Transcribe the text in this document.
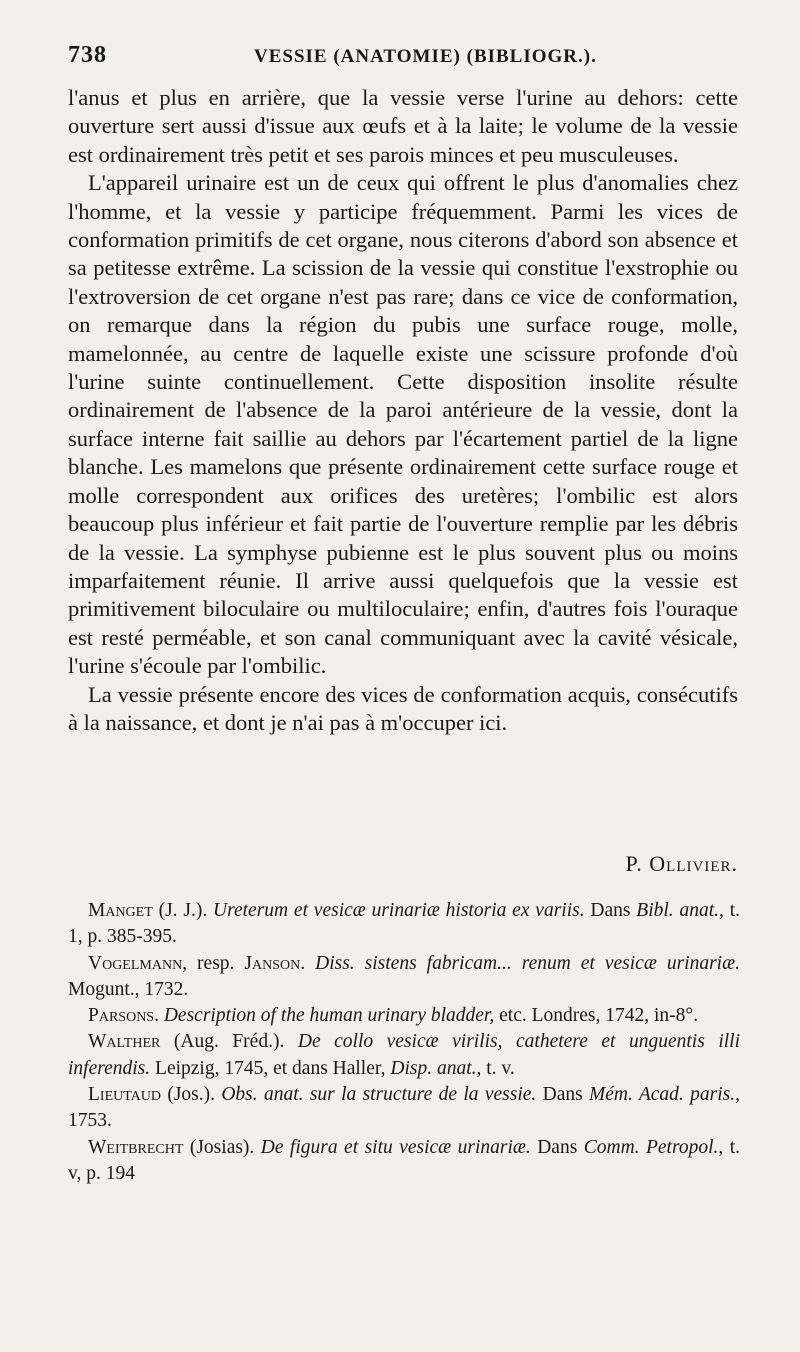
738	VESSIE (ANATOMIE) (BIBLIOGR.).

l'anus et plus en arrière, que la vessie verse l'urine au dehors: cette ouverture sert aussi d'issue aux œufs et à la laite; le volume de la vessie est ordinairement très petit et ses parois minces et peu musculeuses.

L'appareil urinaire est un de ceux qui offrent le plus d'anomalies chez l'homme, et la vessie y participe fréquemment. Parmi les vices de conformation primitifs de cet organe, nous citerons d'abord son absence et sa petitesse extrême. La scission de la vessie qui constitue l'exstrophie ou l'extroversion de cet organe n'est pas rare; dans ce vice de conformation, on remarque dans la région du pubis une surface rouge, molle, mamelonnée, au centre de laquelle existe une scissure profonde d'où l'urine suinte continuellement. Cette disposition insolite résulte ordinairement de l'absence de la paroi antérieure de la vessie, dont la surface interne fait saillie au dehors par l'écartement partiel de la ligne blanche. Les mamelons que présente ordinairement cette surface rouge et molle correspondent aux orifices des uretères; l'ombilic est alors beaucoup plus inférieur et fait partie de l'ouverture remplie par les débris de la vessie. La symphyse pubienne est le plus souvent plus ou moins imparfaitement réunie. Il arrive aussi quelquefois que la vessie est primitivement biloculaire ou multiloculaire; enfin, d'autres fois l'ouraque est resté perméable, et son canal communiquant avec la cavité vésicale, l'urine s'écoule par l'ombilic.

La vessie présente encore des vices de conformation acquis, consécutifs à la naissance, et dont je n'ai pas à m'occuper ici.

P. Ollivier.

Manget (J. J.). Ureterum et vesicæ urinariæ historia ex variis. Dans Bibl. anat., t. 1, p. 385-395.

Vogelmann, resp. Janson. Diss. sistens fabricam... renum et vesicæ urinariæ. Mogunt., 1732.

Parsons. Description of the human urinary bladder, etc. Londres, 1742, in-8°.

Walther (Aug. Fréd.). De collo vesicæ virilis, cathetere et unguentis illi inferendis. Leipzig, 1745, et dans Haller, Disp. anat., t. v.

Lieutaud (Jos.). Obs. anat. sur la structure de la vessie. Dans Mém. Acad. paris., 1753.

Weitbrecht (Josias). De figura et situ vesicæ urinariæ. Dans Comm. Petropol., t. v, p. 194
